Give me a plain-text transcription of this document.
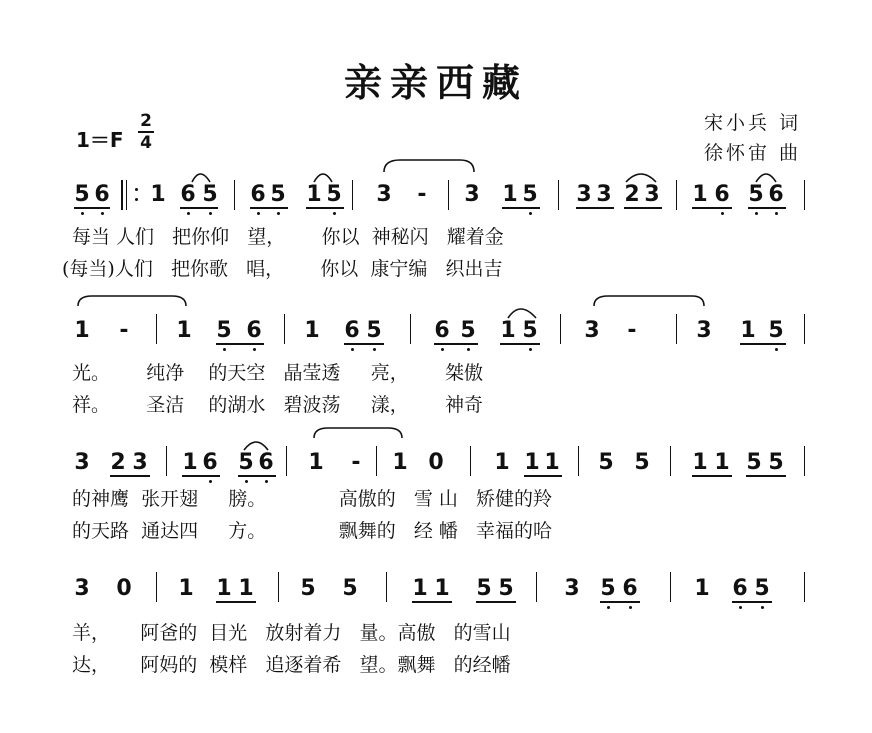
亲亲西藏
宋小兵 词
徐怀宙 曲
1＝F
2
4
5 6 1 6 5 6 5 1 5 3 - 3 1 5 3 3 2 3 1 6 5 6
每当 人们   把你仰   望，      你以  神秘闪   耀着金
(每当)人们   把你歌   唱，      你以  康宁编   织出吉
1 - 1 5 6 1 6 5 6 5 1 5 3 -	3 1 5
光。      纯净    的天空   晶莹透     亮，      桀傲
祥。      圣洁    的湖水   碧波荡     漾，      神奇
3 2 3 1 6 5 6 1 - 1 0 1 1 1 5 5 1 1 5 5
的神鹰  张开翅     膀。            高傲的   雪 山   矫健的羚
的天路  通达四     方。            飘舞的   经 幡   幸福的哈
3 0 1 1 1 5 5 1 1 5 5 3 5 6	1 6 5
羊，     阿爸的  目光   放射着力   量。高傲   的雪山
达，     阿妈的  模样   追逐着希   望。飘舞   的经幡
